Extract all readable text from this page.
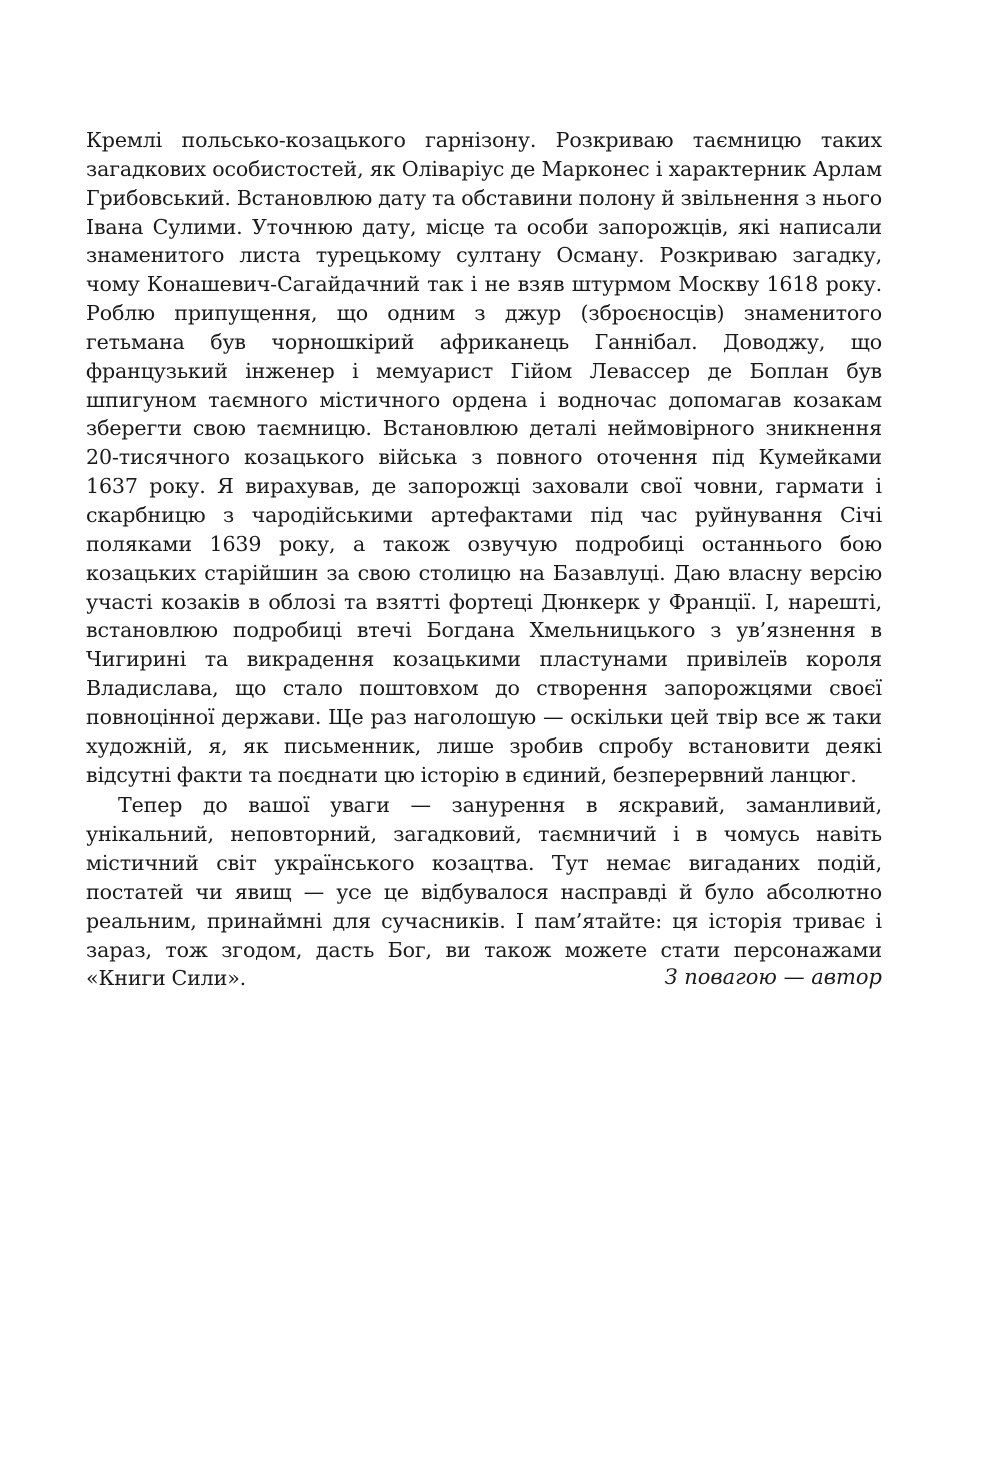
Кремлі польсько-козацького гарнізону. Розкриваю таємницю таких загадкових особистостей, як Оліваріус де Марконес і характерник Арлам Грибовський. Встановлюю дату та обставини полону й звільнення з нього Івана Сулими. Уточнюю дату, місце та особи запорожців, які написали знаменитого листа турецькому султану Осману. Розкриваю загадку, чому Конашевич-Сагайдачний так і не взяв штурмом Москву 1618 року. Роблю припущення, що одним з джур (зброєносців) знаменитого гетьмана був чорношкірий африканець Ганнібал. Доводжу, що французький інженер і мемуарист Гійом Левассер де Боплан був шпигуном таємного містичного ордена і водночас допомагав козакам зберегти свою таємницю. Встановлюю деталі неймовірного зникнення 20-тисячного козацького війська з повного оточення під Кумейками 1637 року. Я вирахував, де запорожці заховали свої човни, гармати і скарбницю з чародійськими артефактами під час руйнування Січі поляками 1639 року, а також озвучую подробиці останнього бою козацьких старійшин за свою столицю на Базавлуці. Даю власну версію участі козаків в облозі та взятті фортеці Дюнкерк у Франції. І, нарешті, встановлюю подробиці втечі Богдана Хмельницького з ув’язнення в Чигирині та викрадення козацькими пластунами привілеїв короля Владислава, що стало поштовхом до створення запорожцями своєї повноцінної держави. Ще раз наголошую — оскільки цей твір все ж таки художній, я, як письменник, лише зробив спробу встановити деякі відсутні факти та поєднати цю історію в єдиний, безперервний ланцюг.

Тепер до вашої уваги — занурення в яскравий, заманливий, унікальний, неповторний, загадковий, таємничий і в чомусь навіть містичний світ українського козацтва. Тут немає вигаданих подій, постатей чи явищ — усе це відбувалося насправді й було абсолютно реальним, принаймні для сучасників. І пам’ятайте: ця історія триває і зараз, тож згодом, дасть Бог, ви також можете стати персонажами «Книги Сили».	З повагою — автор
